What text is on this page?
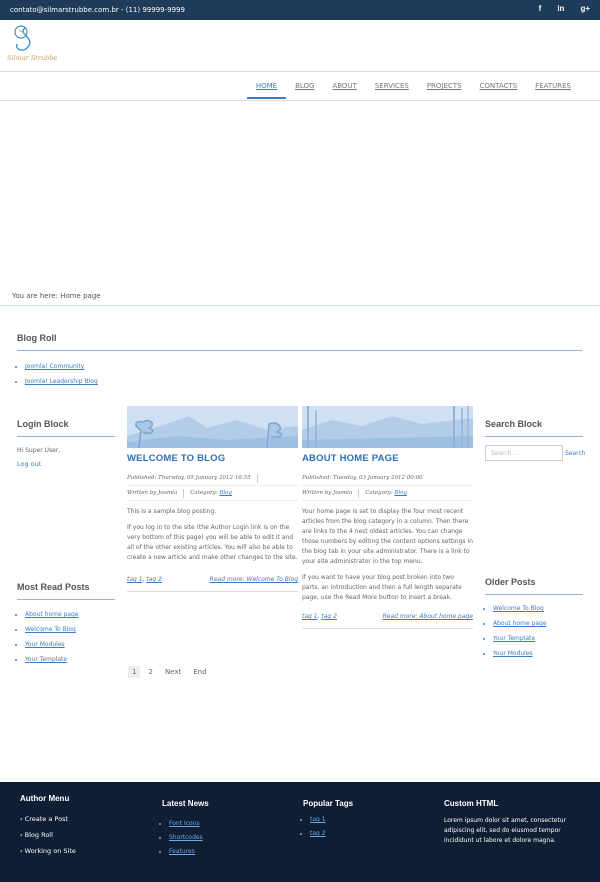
contato@silmarstrubbe.com.br - (11) 99999-9999	f in g+
Silmar Strubbe
HOME	BLOG	ABOUT	SERVICES	PROJECTS	CONTACTS	FEATURES
You are here: Home page
Blog Roll
• Joomla! Community
• Joomla! Leadership Blog
Login Block
Hi Super User,
Log out
Most Read Posts
• About home page
• Welcome To Blog
• Your Modules
• Your Template
Search Block
Search ...	Search
Older Posts
• Welcome To Blog
• About home page
• Your Template
• Your Modules
WELCOME TO BLOG
Published: Thursday, 05 January 2012 16:55
Written by Joomla Category:
Blog

This is a sample blog posting.

If you log in to the site (the Author Login link is on the very bottom of this page) you will be able to edit it and all of the other existing articles. You will also be able to create a new article and make other changes to the site.

tag 1, tag 2	Read more: Welcome To Blog
ABOUT HOME PAGE
Published: Tuesday, 03 January 2012 00:00
Written by Joomla Category:
Blog

Your home page is set to display the four most recent articles from the blog category in a column. Then there are links to the 4 nest oldest articles. You can change those numbers by editing the content options settings in the blog tab in your site administrator. There is a link to your site administrator in the top menu.

If you want to have your blog post broken into two parts, an introduction and then a full length separate page, use the Read More button to insert a break.

tag 1, tag 2	Read more: About home page
1	2	Next	End
Author Menu
› Create a Post
› Blog Roll
› Working on Site
Latest News
• Font Icons
• Shortcodes
• Features
Popular Tags
• tag 1
• tag 2
Custom HTML
Lorem ipsum dolor sit amet, consectetur adipiscing elit, sed do eiusmod tempor incididunt ut labore et dolore magna.
